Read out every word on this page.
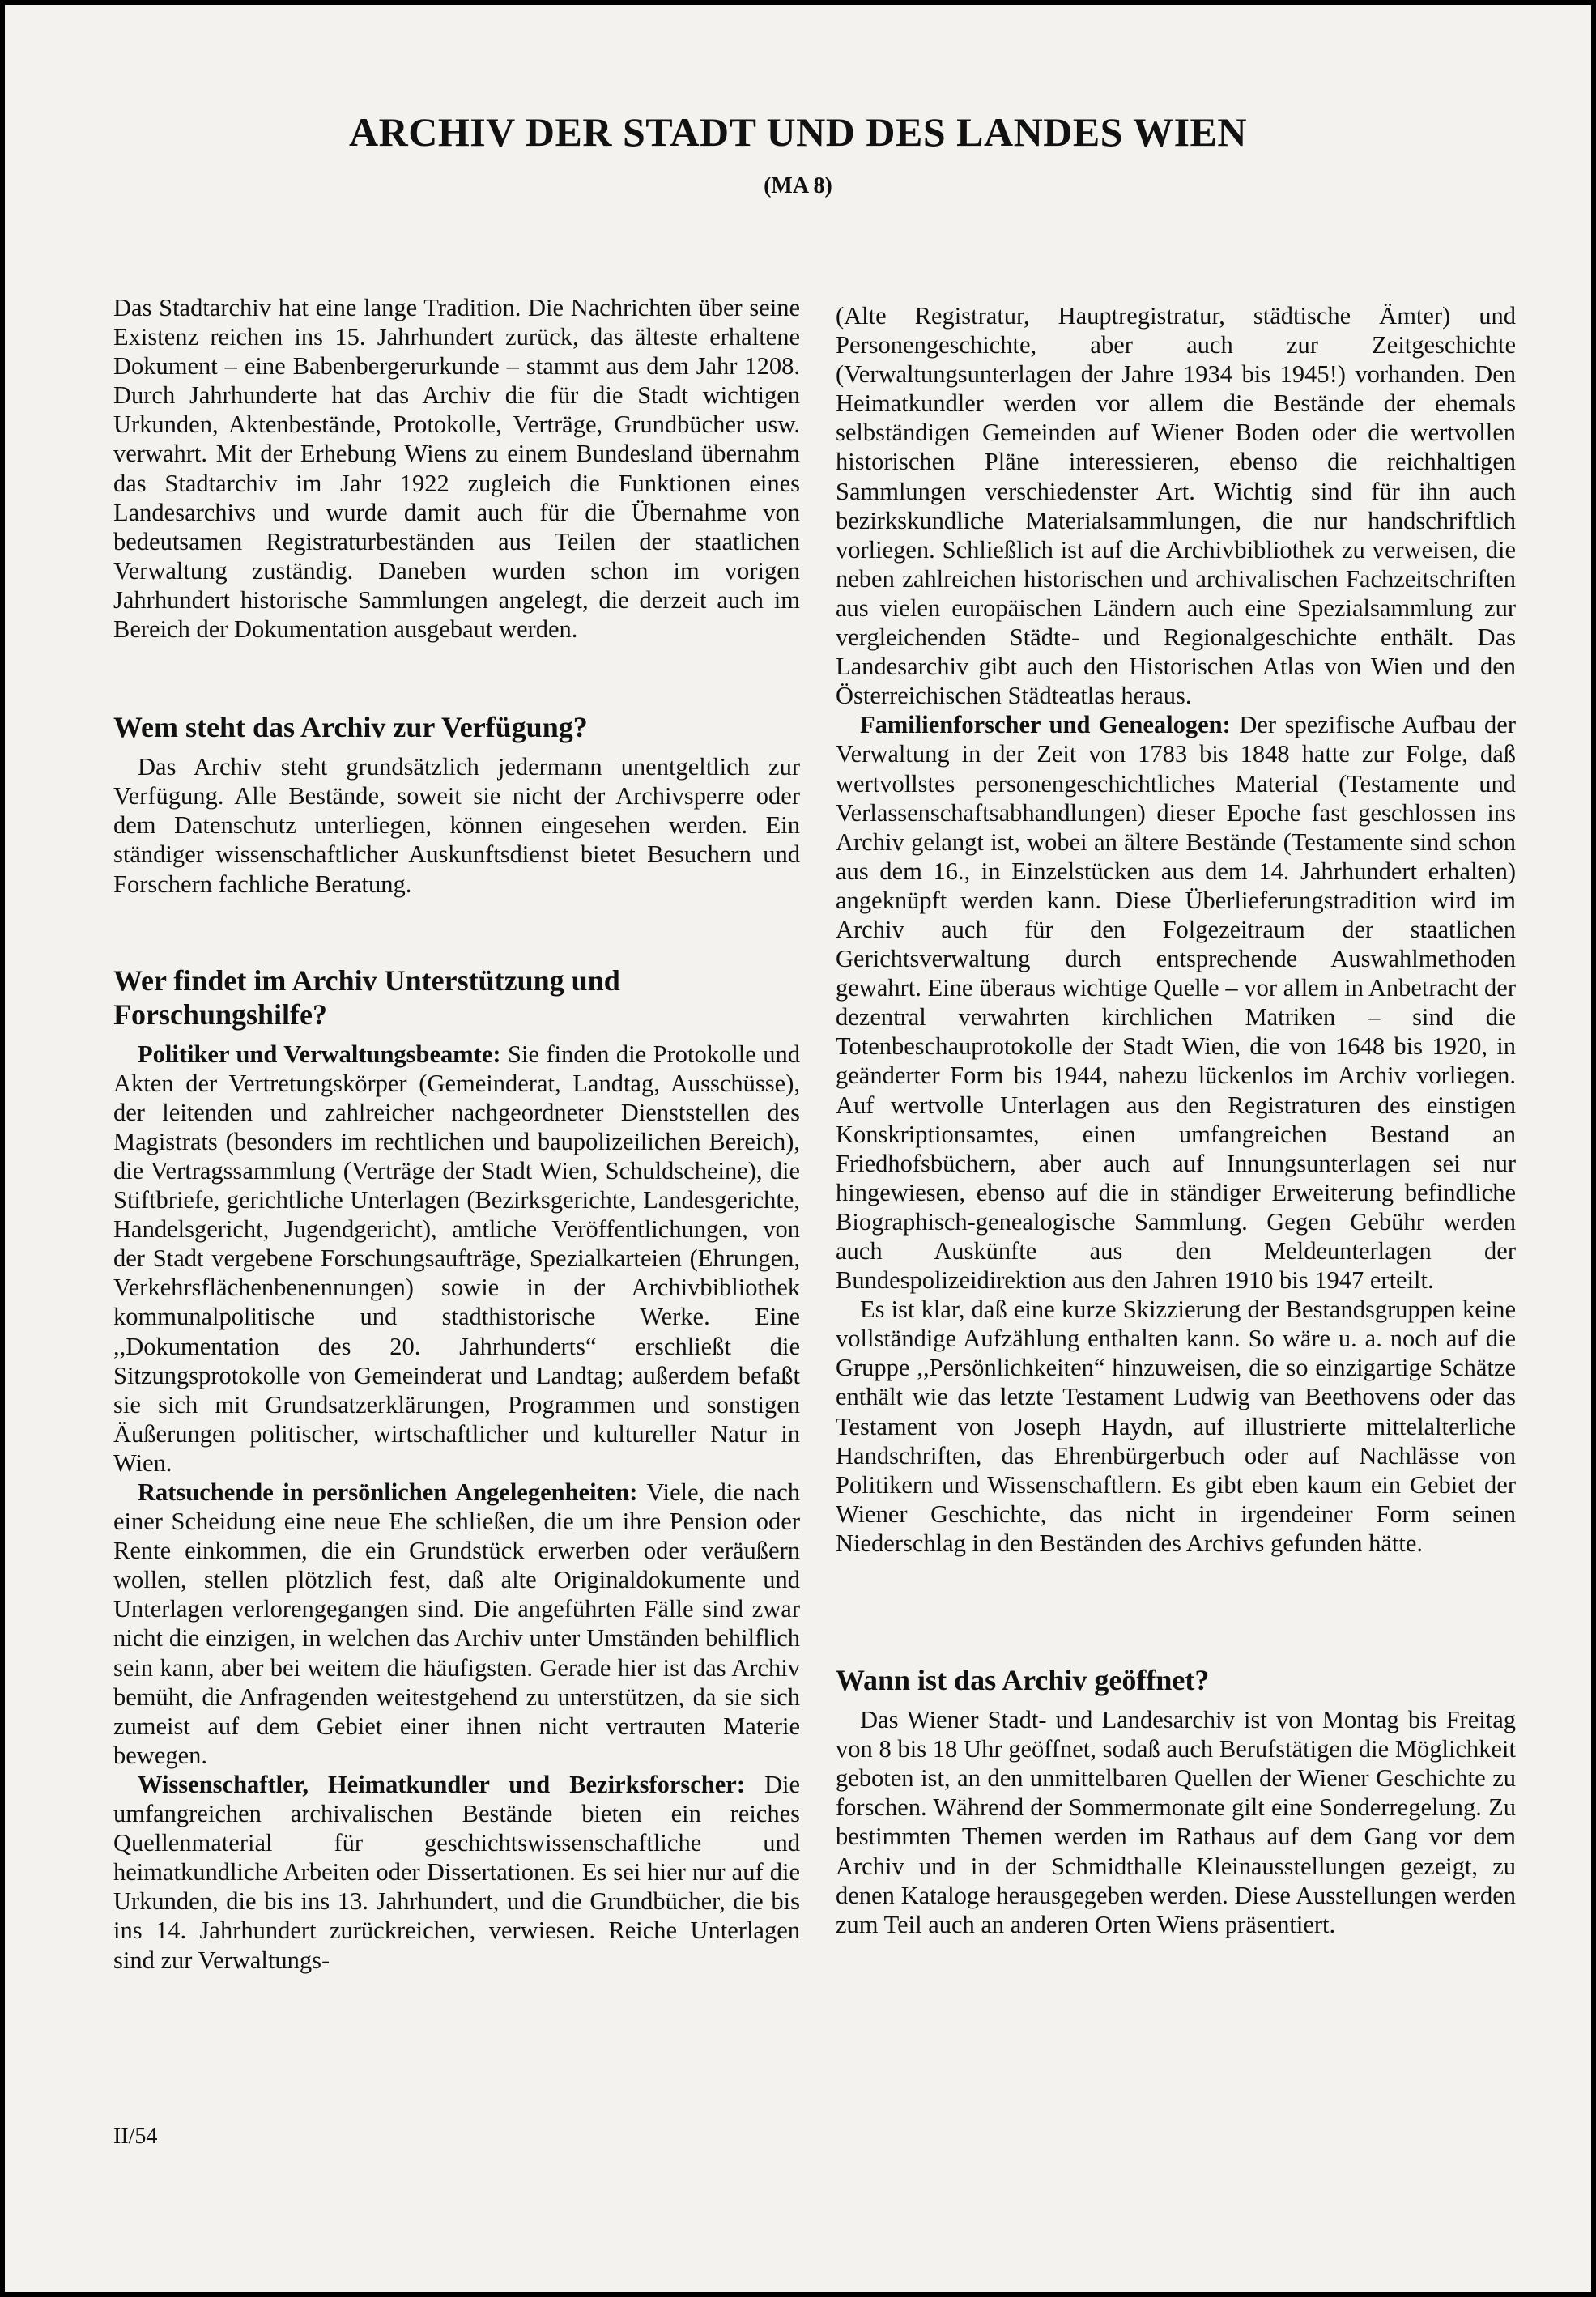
ARCHIV DER STADT UND DES LANDES WIEN
(MA 8)

Das Stadtarchiv hat eine lange Tradition. Die Nachrichten über seine Existenz reichen ins 15. Jahrhundert zurück, das älteste erhaltene Dokument – eine Babenbergerurkunde – stammt aus dem Jahr 1208. Durch Jahrhunderte hat das Archiv die für die Stadt wichtigen Urkunden, Aktenbestände, Protokolle, Verträge, Grundbücher usw. verwahrt. Mit der Erhebung Wiens zu einem Bundesland übernahm das Stadtarchiv im Jahr 1922 zugleich die Funktionen eines Landesarchivs und wurde damit auch für die Übernahme von bedeutsamen Registraturbeständen aus Teilen der staatlichen Verwaltung zuständig. Daneben wurden schon im vorigen Jahrhundert historische Sammlungen angelegt, die derzeit auch im Bereich der Dokumentation ausgebaut werden.

Wem steht das Archiv zur Verfügung?

Das Archiv steht grundsätzlich jedermann unentgeltlich zur Verfügung. Alle Bestände, soweit sie nicht der Archivsperre oder dem Datenschutz unterliegen, können eingesehen werden. Ein ständiger wissenschaftlicher Auskunftsdienst bietet Besuchern und Forschern fachliche Beratung.

Wer findet im Archiv Unterstützung und Forschungshilfe?

Politiker und Verwaltungsbeamte: Sie finden die Protokolle und Akten der Vertretungskörper (Gemeinderat, Landtag, Ausschüsse), der leitenden und zahlreicher nachgeordneter Dienststellen des Magistrats (besonders im rechtlichen und baupolizeilichen Bereich), die Vertragssammlung (Verträge der Stadt Wien, Schuldscheine), die Stiftbriefe, gerichtliche Unterlagen (Bezirksgerichte, Landesgerichte, Handelsgericht, Jugendgericht), amtliche Veröffentlichungen, von der Stadt vergebene Forschungsaufträge, Spezialkarteien (Ehrungen, Verkehrsflächenbenennungen) sowie in der Archivbibliothek kommunalpolitische und stadthistorische Werke. Eine ,,Dokumentation des 20. Jahrhunderts“ erschließt die Sitzungsprotokolle von Gemeinderat und Landtag; außerdem befaßt sie sich mit Grundsatzerklärungen, Programmen und sonstigen Äußerungen politischer, wirtschaftlicher und kultureller Natur in Wien.

Ratsuchende in persönlichen Angelegenheiten: Viele, die nach einer Scheidung eine neue Ehe schließen, die um ihre Pension oder Rente einkommen, die ein Grundstück erwerben oder veräußern wollen, stellen plötzlich fest, daß alte Originaldokumente und Unterlagen verlorengegangen sind. Die angeführten Fälle sind zwar nicht die einzigen, in welchen das Archiv unter Umständen behilflich sein kann, aber bei weitem die häufigsten. Gerade hier ist das Archiv bemüht, die Anfragenden weitestgehend zu unterstützen, da sie sich zumeist auf dem Gebiet einer ihnen nicht vertrauten Materie bewegen.

Wissenschaftler, Heimatkundler und Bezirksforscher: Die umfangreichen archivalischen Bestände bieten ein reiches Quellenmaterial für geschichtswissenschaftliche und heimatkundliche Arbeiten oder Dissertationen. Es sei hier nur auf die Urkunden, die bis ins 13. Jahrhundert, und die Grundbücher, die bis ins 14. Jahrhundert zurückreichen, verwiesen. Reiche Unterlagen sind zur Verwaltungs-

(Alte Registratur, Hauptregistratur, städtische Ämter) und Personengeschichte, aber auch zur Zeitgeschichte (Verwaltungsunterlagen der Jahre 1934 bis 1945!) vorhanden. Den Heimatkundler werden vor allem die Bestände der ehemals selbständigen Gemeinden auf Wiener Boden oder die wertvollen historischen Pläne interessieren, ebenso die reichhaltigen Sammlungen verschiedenster Art. Wichtig sind für ihn auch bezirkskundliche Materialsammlungen, die nur handschriftlich vorliegen. Schließlich ist auf die Archivbibliothek zu verweisen, die neben zahlreichen historischen und archivalischen Fachzeitschriften aus vielen europäischen Ländern auch eine Spezialsammlung zur vergleichenden Städte- und Regionalgeschichte enthält. Das Landesarchiv gibt auch den Historischen Atlas von Wien und den Österreichischen Städteatlas heraus.

Familienforscher und Genealogen: Der spezifische Aufbau der Verwaltung in der Zeit von 1783 bis 1848 hatte zur Folge, daß wertvollstes personengeschichtliches Material (Testamente und Verlassenschaftsabhandlungen) dieser Epoche fast geschlossen ins Archiv gelangt ist, wobei an ältere Bestände (Testamente sind schon aus dem 16., in Einzelstücken aus dem 14. Jahrhundert erhalten) angeknüpft werden kann. Diese Überlieferungstradition wird im Archiv auch für den Folgezeitraum der staatlichen Gerichtsverwaltung durch entsprechende Auswahlmethoden gewahrt. Eine überaus wichtige Quelle – vor allem in Anbetracht der dezentral verwahrten kirchlichen Matriken – sind die Totenbeschauprotokolle der Stadt Wien, die von 1648 bis 1920, in geänderter Form bis 1944, nahezu lückenlos im Archiv vorliegen. Auf wertvolle Unterlagen aus den Registraturen des einstigen Konskriptionsamtes, einen umfangreichen Bestand an Friedhofsbüchern, aber auch auf Innungsunterlagen sei nur hingewiesen, ebenso auf die in ständiger Erweiterung befindliche Biographisch-genealogische Sammlung. Gegen Gebühr werden auch Auskünfte aus den Meldeunterlagen der Bundespolizeidirektion aus den Jahren 1910 bis 1947 erteilt.

Es ist klar, daß eine kurze Skizzierung der Bestandsgruppen keine vollständige Aufzählung enthalten kann. So wäre u. a. noch auf die Gruppe ,,Persönlichkeiten“ hinzuweisen, die so einzigartige Schätze enthält wie das letzte Testament Ludwig van Beethovens oder das Testament von Joseph Haydn, auf illustrierte mittelalterliche Handschriften, das Ehrenbürgerbuch oder auf Nachlässe von Politikern und Wissenschaftlern. Es gibt eben kaum ein Gebiet der Wiener Geschichte, das nicht in irgendeiner Form seinen Niederschlag in den Beständen des Archivs gefunden hätte.

Wann ist das Archiv geöffnet?

Das Wiener Stadt- und Landesarchiv ist von Montag bis Freitag von 8 bis 18 Uhr geöffnet, sodaß auch Berufstätigen die Möglichkeit geboten ist, an den unmittelbaren Quellen der Wiener Geschichte zu forschen. Während der Sommermonate gilt eine Sonderregelung. Zu bestimmten Themen werden im Rathaus auf dem Gang vor dem Archiv und in der Schmidthalle Kleinausstellungen gezeigt, zu denen Kataloge herausgegeben werden. Diese Ausstellungen werden zum Teil auch an anderen Orten Wiens präsentiert.

II/54
